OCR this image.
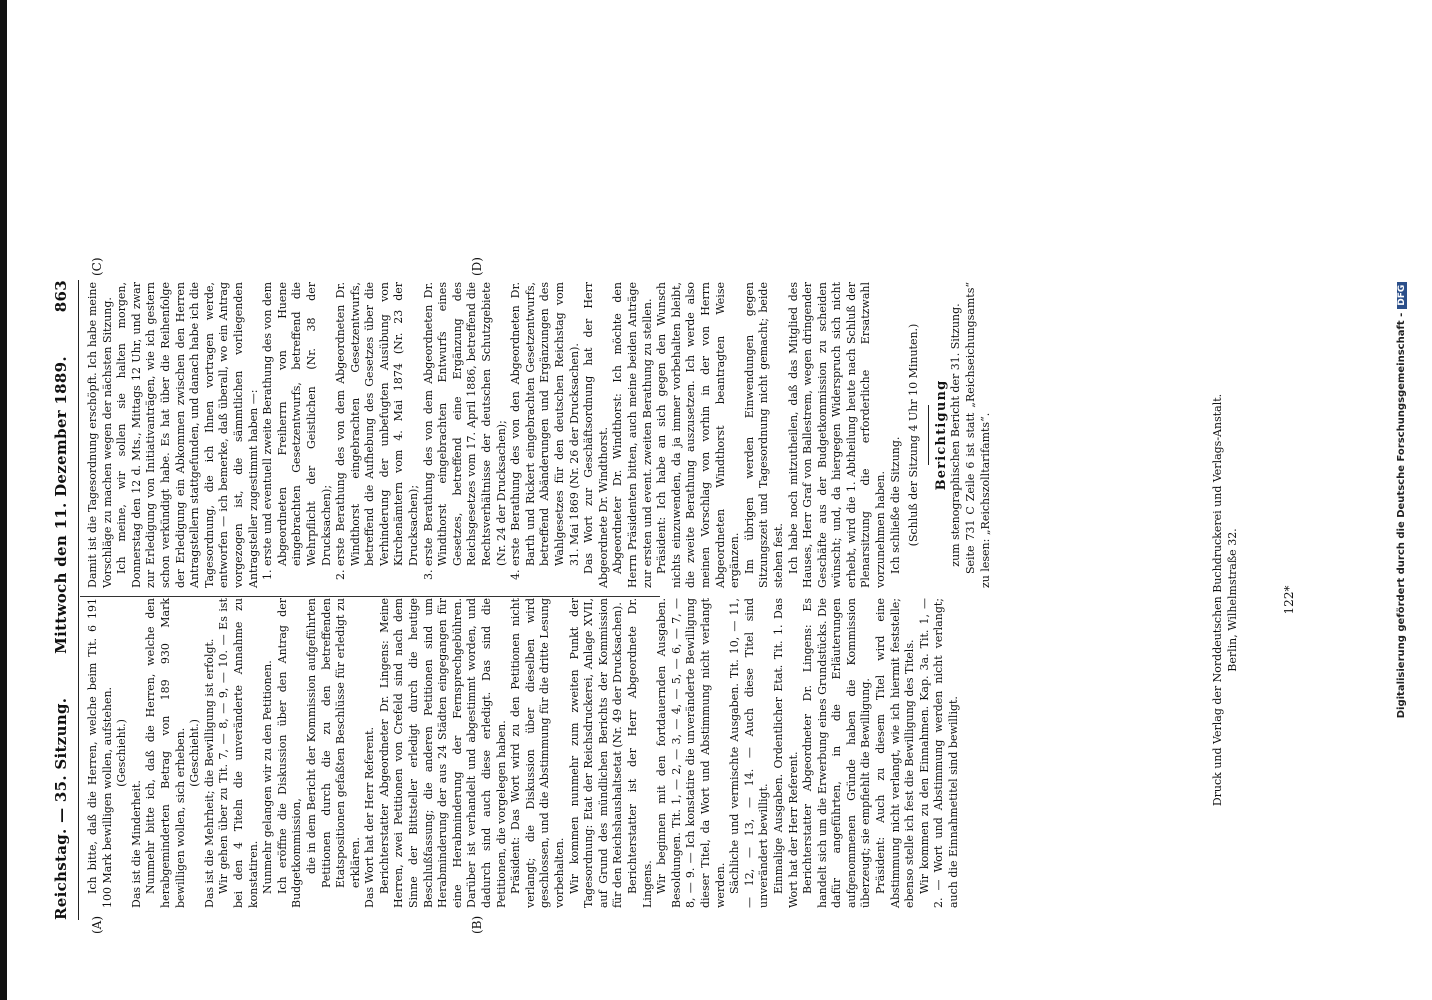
Reichstag. — 35. Sitzung.
Mittwoch den 11. Dezember 1889.
863
(A)	(B)
(C)	(D)

Ich bitte, daß die Herren, welche beim Tit. 6 191 100 Mark bewilligen wollen, aufstehen. (Geschieht.)

Das ist die Minderheit. Nunmehr bitte ich, daß die Herren, welche den herabgeminderten Betrag von 189 930 Mark bewilligen wollen, sich erheben. (Geschieht.) Das ist die Mehrheit; die Bewilligung ist erfolgt. Wir gehen über zu Tit. 7, — 8, — 9, — 10. — Es ist bei den 4 Titeln die unveränderte Annahme zu konstatiren. Nunmehr gelangen wir zu den Petitionen. Ich eröffne die Diskussion über den Antrag der Budgetkommission, die in dem Bericht der Kommission aufgeführten Petitionen durch die zu den betreffenden Etatspositionen gefaßten Beschlüsse für erledigt zu erklären. Das Wort hat der Herr Referent. Berichterstatter Abgeordneter Dr. Lingens: Meine Herren, zwei Petitionen von Crefeld sind nach dem Sinne der Bittsteller erledigt durch die heutige Beschlußfassung; die anderen Petitionen sind um Herabminderung der aus 24 Städten eingegangen für eine Herabminderung der Fernsprechgebühren. Darüber ist verhandelt und abgestimmt worden, und dadurch sind auch diese erledigt. Das sind die Petitionen, die vorgelegen haben. Präsident: Das Wort wird zu den Petitionen nicht verlangt; die Diskussion über dieselben wird geschlossen, und die Abstimmung für die dritte Lesung vorbehalten. Wir kommen nunmehr zum zweiten Punkt der Tagesordnung: Etat der Reichsdruckerei, Anlage XVII, auf Grund des mündlichen Berichts der Kommission für den Reichshaushaltsetat (Nr. 49 der Drucksachen). Berichterstatter ist der Herr Abgeordnete Dr. Lingens. Wir beginnen mit den fortdauernden Ausgaben. Besoldungen. Tit. 1, — 2, — 3, — 4, — 5, — 6, — 7, — 8, — 9. — Ich konstatire die unveränderte Bewilligung dieser Titel, da Wort und Abstimmung nicht verlangt werden. Sächliche und vermischte Ausgaben. Tit. 10, — 11, — 12, — 13, — 14. — Auch diese Titel sind unverändert bewilligt. Einmalige Ausgaben. Ordentlicher Etat. Tit. 1. Das Wort hat der Herr Referent. Berichterstatter Abgeordneter Dr. Lingens: Es handelt sich um die Erwerbung eines Grundstücks. Die dafür angeführten, in die Erläuterungen aufgenommenen Gründe haben die Kommission überzeugt; sie empfiehlt die Bewilligung. Präsident: Auch zu diesem Titel wird eine Abstimmung nicht verlangt, wie ich hiermit feststelle; ebenso stelle ich fest die Bewilligung des Titels. Wir kommen zu den Einnahmen. Kap. 3a. Tit. 1, — 2. — Wort und Abstimmung werden nicht verlangt; auch die Einnahmetitel sind bewilligt.

Damit ist die Tagesordnung erschöpft. Ich habe meine Vorschläge zu machen wegen der nächsten Sitzung. Ich meine, wir sollen sie halten morgen, Donnerstag den 12 d. Mts., Mittags 12 Uhr, und zwar zur Erledigung von Initiativanträgen, wie ich gestern schon verkündigt habe. Es hat über die Reihenfolge der Erledigung ein Abkommen zwischen den Herren Antragstellern stattgefunden, und danach habe ich die Tagesordnung, die ich Ihnen vortragen werde, entworfen — ich bemerke, daß überall, wo ein Antrag vorgezogen ist, die sämmtlichen vorliegenden Antragsteller zugestimmt haben —: 1. erste und eventuell zweite Berathung des von dem Abgeordneten Freiherrn von Huene eingebrachten Gesetzentwurfs, betreffend die Wehrpflicht der Geistlichen (Nr. 38 der Drucksachen); 2. erste Berathung des von dem Abgeordneten Dr. Windthorst eingebrachten Gesetzentwurfs, betreffend die Aufhebung des Gesetzes über die Verhinderung der unbefugten Ausübung von Kirchenämtern vom 4. Mai 1874 (Nr. 23 der Drucksachen); 3. erste Berathung des von dem Abgeordneten Dr. Windthorst eingebrachten Entwurfs eines Gesetzes, betreffend eine Ergänzung des Reichsgesetzes vom 17. April 1886, betreffend die Rechtsverhältnisse der deutschen Schutzgebiete (Nr. 24 der Drucksachen); 4. erste Berathung des von den Abgeordneten Dr. Barth und Rickert eingebrachten Gesetzentwurfs, betreffend Abänderungen und Ergänzungen des Wahlgesetzes für den deutschen Reichstag vom 31. Mai 1869 (Nr. 26 der Drucksachen). Das Wort zur Geschäftsordnung hat der Herr Abgeordnete Dr. Windthorst. Abgeordneter Dr. Windthorst: Ich möchte den Herrn Präsidenten bitten, auch meine beiden Anträge zur ersten und event. zweiten Berathung zu stellen. Präsident: Ich habe an sich gegen den Wunsch nichts einzuwenden, da ja immer vorbehalten bleibt, die zweite Berathung auszusetzen. Ich werde also meinen Vorschlag von vorhin in der von Herrn Abgeordneten Windthorst beantragten Weise ergänzen. Im übrigen werden Einwendungen gegen Sitzungszeit und Tagesordnung nicht gemacht; beide stehen fest. Ich habe noch mitzutheilen, daß das Mitglied des Hauses, Herr Graf von Ballestrem, wegen dringender Geschäfte aus der Budgetkommission zu scheiden wünscht; und, da hiergegen Widerspruch sich nicht erhebt, wird die 1. Abtheilung heute nach Schluß der Plenarsitzung die erforderliche Ersatzwahl vorzunehmen haben. Ich schließe die Sitzung. (Schluß der Sitzung 4 Uhr 10 Minuten.) Berichtigung zum stenographischen Bericht der 31. Sitzung. Seite 731 C Zeile 6 ist statt „Reichseichungsamts“ zu lesen: „Reichszolltarifamts“.	Druck und Verlag der Norddeutschen Buchdruckerei und Verlags-Anstalt. Berlin, Wilhelmstraße 32.	122*	Digitalisierung gefördert durch die Deutsche Forschungsgemeinschaft -
DFG
